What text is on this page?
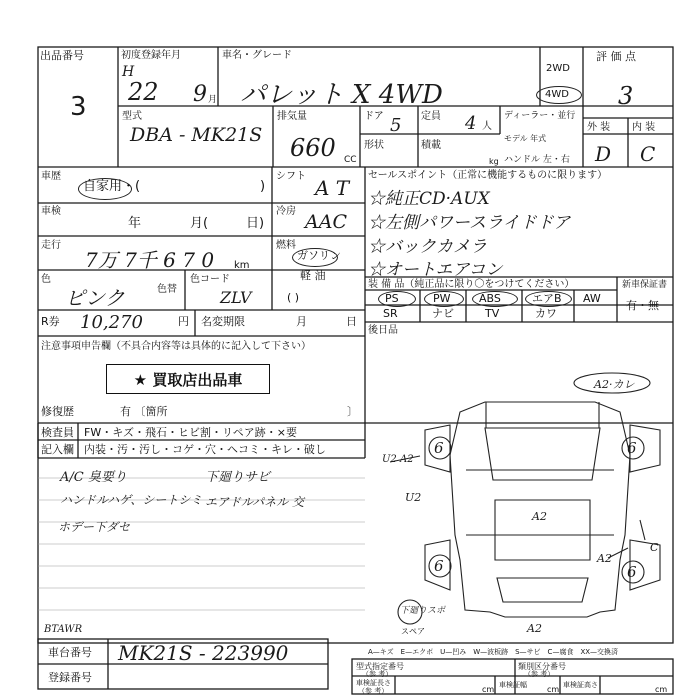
出品番号
3
初度登録年月
H
22 9 月
車名・グレード
パレット X 4WD
2WD
4WD
評 価 点
3
型式
DBA - MK21S
排気量
660 CC
ドア 5 定員 4 人
ディーラー・並行
モデル 年式
形状	積載
kg ハンドル 左・右
外 装 内 装
D C
車歴
自家用・(	)
シフト A T
車検
年	月(	日)
冷房 AAC
走行
7万 7千 6 7 0 km
燃料
ガソリン
軽 油
( )
色
ピンク	色替
色コード
ZLV
R券 10,270	円 名変期限	月	日
セールスポイント（正常に機能するものに限ります）
☆純正CD·AUX
☆左側パワースライドドア
☆バックカメラ
☆オートエアコン
装 備 品（純正品に限り〇をつけてください）
PS	PW	ABS	エアB AW
SR	ナビ	TV	カワ
新車保証書
有・無
後日品
注意事項申告欄（不具合内容等は具体的に記入して下さい）
★ 買取店出品車
修復歴	有 〔箇所	〕
検査員 FW・キズ・飛石・ヒビ割・リペア跡・×要
記入欄 内装・汚・汚し・コゲ・穴・ヘコミ・キレ・破し
A/C 臭要り
ハンドルハゲ、シートシミ
ホデー下ダセ
下廻りサビ
エアドルパネル 交
A2·カレ
A2
U2
U2 A2
A2
C
A2
スペア
6	6
6	6
下廻りスポ
A—キズ　E—エクボ　U—凹み　W—波板跡　S—サビ　C—腐食　XX—交換済
BTAWR
車台番号 MK21S - 223990
登録番号
型式指定番号
（参 考）
類別区分番号
（参 考）
車検証長さ
（参 考）	cm 車検証幅	cm 車検証高さ	cm
